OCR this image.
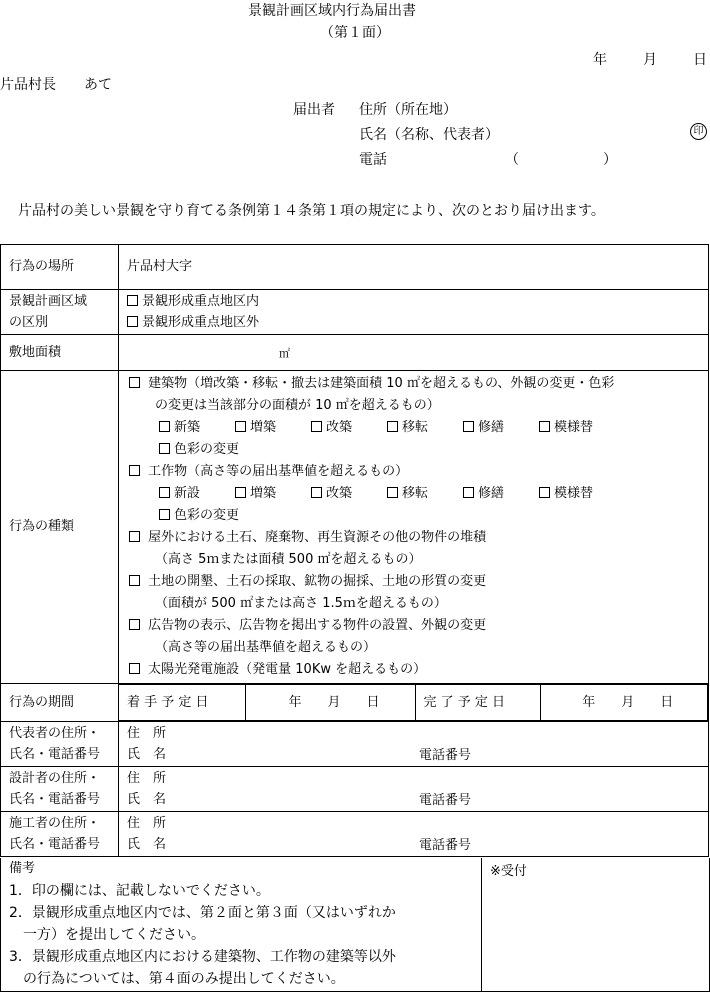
景観計画区域内行為届出書
（第１面）
年	月	日
片品村長　　あて
届出者 住所（所在地）
氏名（名称、代表者）	印
電話	（　　　　　　）
片品村の美しい景観を守り育てる条例第１４条第１項の規定により、次のとおり届け出ます。
行為の場所	片品村大字

景観計画区域
の区別

景観形成重点地区内
景観形成重点地区外

敷地面積	㎡

行為の種類	
建築物（増改築・移転・撤去は建築面積 10 ㎡を超えるもの、外観の変更・色彩
の変更は当該部分の面積が 10 ㎡を超えるもの）
新築	増築	改築	移転	修繕	模様替
色彩の変更
工作物（高さ等の届出基準値を超えるもの）
新設	増築	改築	移転	修繕	模様替
色彩の変更
屋外における土石、廃棄物、再生資源その他の物件の堆積
（高さ 5ｍまたは面積 500 ㎡を超えるもの）
土地の開墾、土石の採取、鉱物の掘採、土地の形質の変更
（面積が 500 ㎡または高さ 1.5ｍを超えるもの）
広告物の表示、広告物を掲出する物件の設置、外観の変更
（高さ等の届出基準値を超えるもの）
太陽光発電施設（発電量 10Kw を超えるもの）

行為の期間		着 手 予 定 日	年　　月　　日	完 了 予 定 日	年　　月　　日

代表者の住所・
氏名・電話番号

住　所
氏　名	電話番号

設計者の住所・
氏名・電話番号

住　所
氏　名	電話番号

施工者の住所・
氏名・電話番号

住　所
氏　名	電話番号
備考
1．印の欄には、記載しないでください。
2．景観形成重点地区内では、第２面と第３面（又はいずれか
　一方）を提出してください。
3．景観形成重点地区内における建築物、工作物の建築等以外
　の行為については、第４面のみ提出してください。
※受付
